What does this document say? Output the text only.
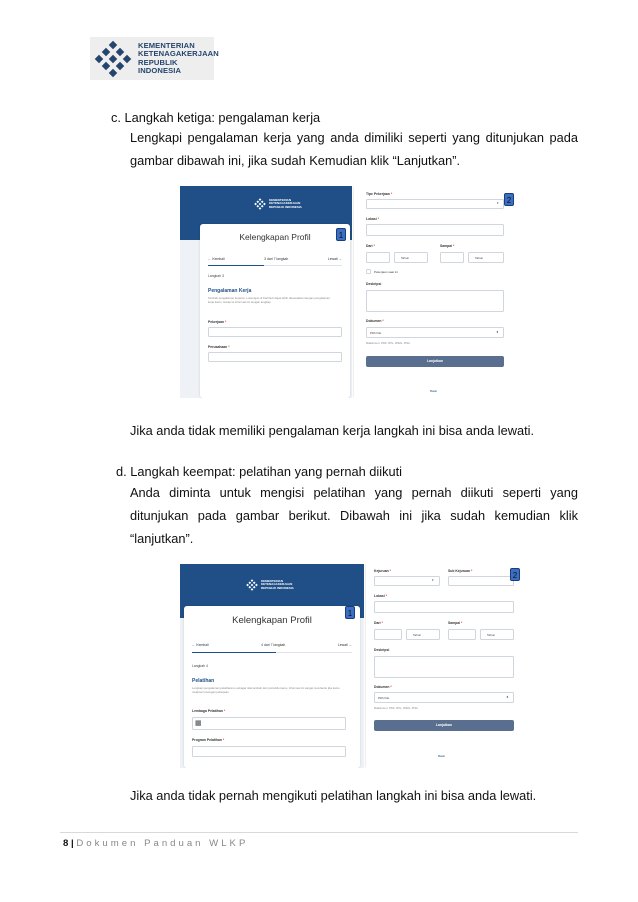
KEMENTERIAN
KETENAGAKERJAAN
REPUBLIK INDONESIA
c. Langkah ketiga: pengalaman kerja
Lengkapi pengalaman kerja yang anda dimiliki seperti yang ditunjukan pada
gambar dibawah ini, jika sudah Kemudian klik “Lanjutkan”.
KEMENTERIAN
KETENAGAKERJAAN
REPUBLIK INDONESIA
Kelengkapan Profil
← Kembali	3 dari 7 langkah	Lewati →
Langkah 3
Pengalaman Kerja
Tambah pengalaman kerjamu. Lowongan di Karirhub dapat lebih disesuaikan dengan pengalaman kerja kamu. Harap isi informasi ini dengan lengkap.
Pekerjaan *
Perusahaan *
1
Tipe Pekerjaan *
▾
Lokasi *
Dari *	Sampai *
Tahun	Tahun
Pekerjaan saat ini
Deskripsi
Dokumen *
Pilih File	⬆
Maksimum: PDF, JPG, JPEG, PNG
Lanjutkan
Batal
2
Jika anda tidak memiliki pengalaman kerja langkah ini bisa anda lewati.
d. Langkah keempat: pelatihan yang pernah diikuti
Anda diminta untuk mengisi pelatihan yang pernah diikuti seperti yang
ditunjukan pada gambar berikut. Dibawah ini jika sudah kemudian klik
“lanjutkan”.
KEMENTERIAN
KETENAGAKERJAAN
REPUBLIK INDONESIA
Kelengkapan Profil
← Kembali	4 dari 7 langkah	Lewati →
Langkah 4
Pelatihan
Lengkapi pengalaman pelatihanmu sebagai nilai tambah dari portofolio kamu. Informasi ini sangat membantu jika kamu melamar lowongan pekerjaan.
Lembaga Pelatihan *
▦
Program Pelatihan *
1
Kejuruan *
▾
Sub Kejuruan *
Lokasi *
Dari *	Sampai *
Tahun	Tahun
Deskripsi
Dokumen *
Pilih File	⬆
Maksimum: PDF, JPG, JPEG, PNG
Lanjutkan
Batal
2
Jika anda tidak pernah mengikuti pelatihan langkah ini bisa anda lewati.
8 | Dokumen Panduan WLKP
